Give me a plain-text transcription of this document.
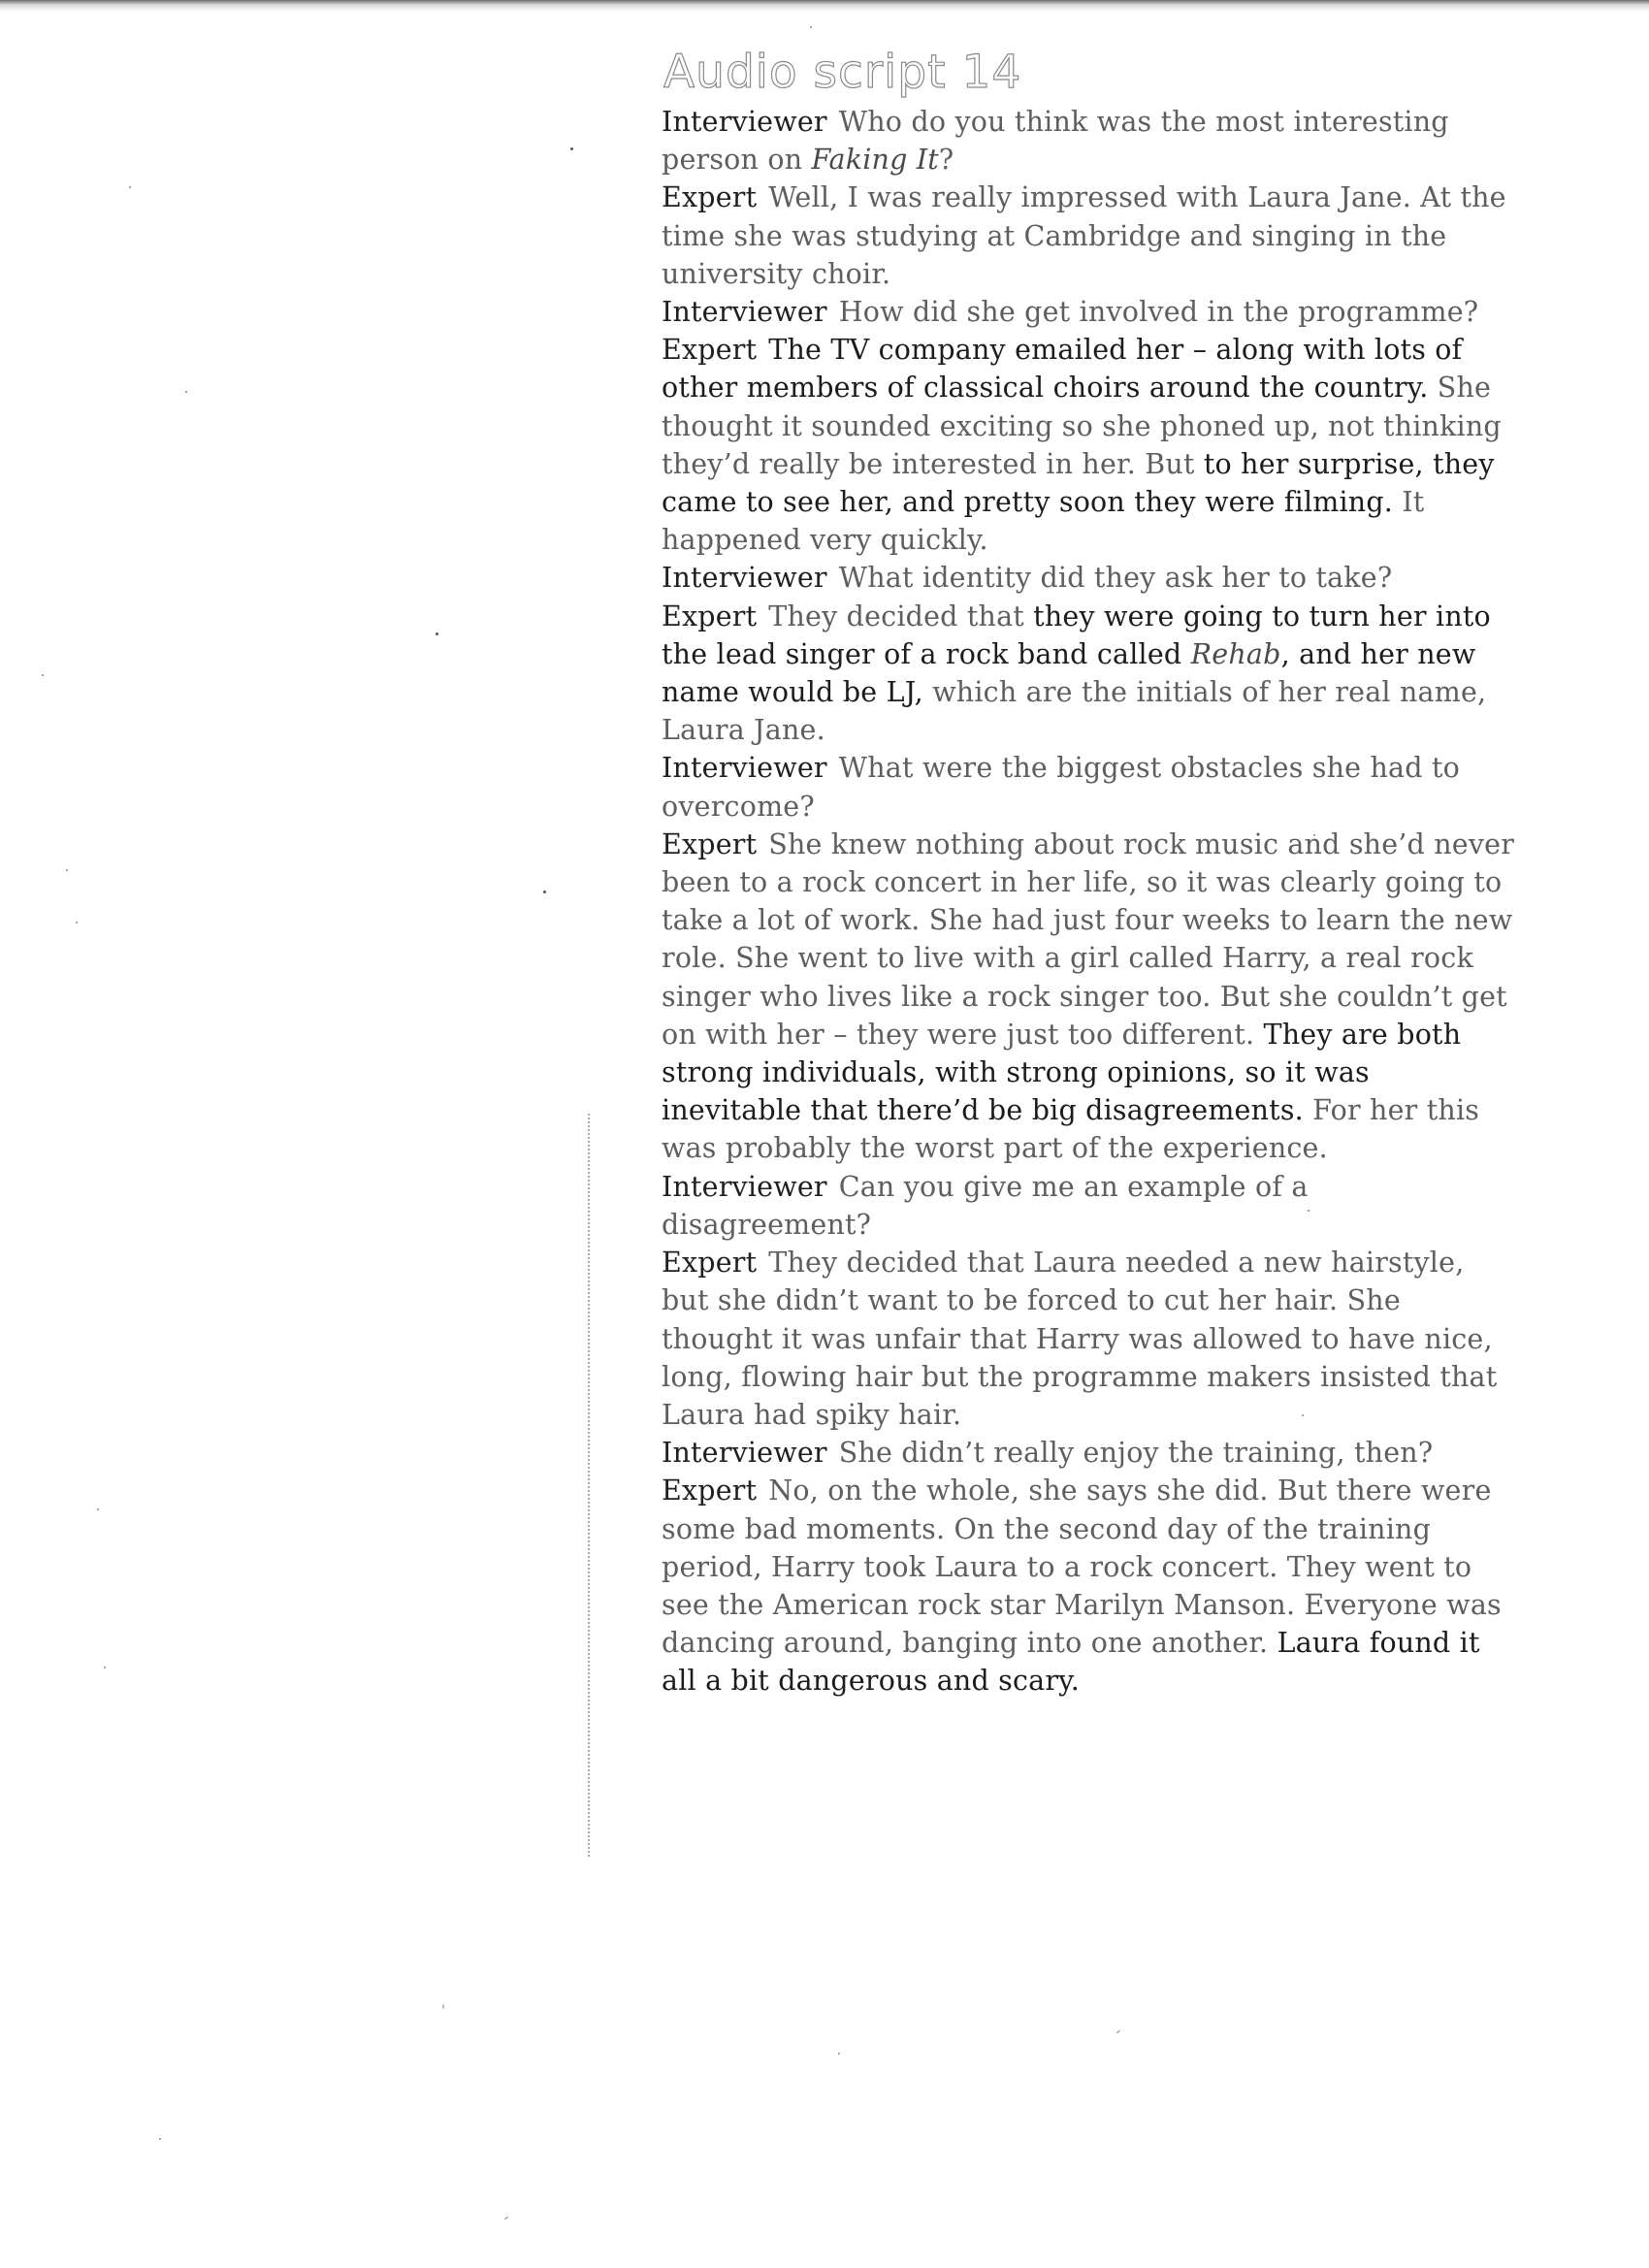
Audio script 14

Interviewer Who do you think was the most interesting person on Faking It?

Expert Well, I was really impressed with Laura Jane. At the time she was studying at Cambridge and singing in the university choir.

Interviewer How did she get involved in the programme?

Expert The TV company emailed her – along with lots of other members of classical choirs around the country. She thought it sounded exciting so she phoned up, not thinking they’d really be interested in her. But to her surprise, they came to see her, and pretty soon they were filming. It happened very quickly.

Interviewer What identity did they ask her to take?

Expert They decided that they were going to turn her into the lead singer of a rock band called Rehab, and her new name would be LJ, which are the initials of her real name, Laura Jane.

Interviewer What were the biggest obstacles she had to overcome?

Expert She knew nothing about rock music and she’d never been to a rock concert in her life, so it was clearly going to take a lot of work. She had just four weeks to learn the new role. She went to live with a girl called Harry, a real rock singer who lives like a rock singer too. But she couldn’t get on with her – they were just too different. They are both strong individuals, with strong opinions, so it was inevitable that there’d be big disagreements. For her this was probably the worst part of the experience.

Interviewer Can you give me an example of a disagreement?

Expert They decided that Laura needed a new hairstyle, but she didn’t want to be forced to cut her hair. She thought it was unfair that Harry was allowed to have nice, long, flowing hair but the programme makers insisted that Laura had spiky hair.

Interviewer She didn’t really enjoy the training, then?

Expert No, on the whole, she says she did. But there were some bad moments. On the second day of the training period, Harry took Laura to a rock concert. They went to see the American rock star Marilyn Manson. Everyone was dancing around, banging into one another. Laura found it all a bit dangerous and scary.
